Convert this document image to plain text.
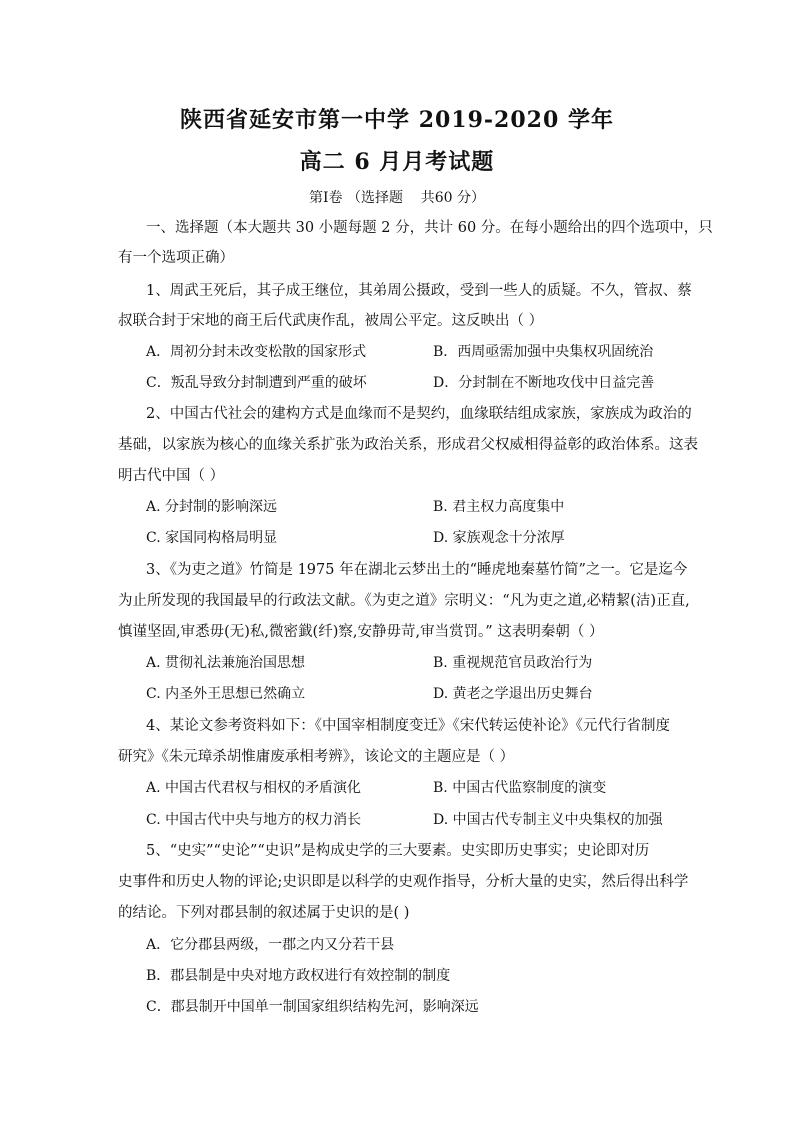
陕西省延安市第一中学 2019-2020 学年
高二 6 月月考试题
第Ⅰ卷 （选择题    共60 分）
一、选择题（本大题共 30 小题每题 2 分，共计 60 分。在每小题给出的四个选项中，只
有一个选项正确）
1、周武王死后，其子成王继位，其弟周公摄政，受到一些人的质疑。不久，管叔、蔡
叔联合封于宋地的商王后代武庚作乱，被周公平定。这反映出（ ）
A．周初分封未改变松散的国家形式	B．西周亟需加强中央集权巩固统治
C．叛乱导致分封制遭到严重的破坏	D．分封制在不断地攻伐中日益完善
2、中国古代社会的建构方式是血缘而不是契约，血缘联结组成家族，家族成为政治的
基础，以家族为核心的血缘关系扩张为政治关系，形成君父权威相得益彰的政治体系。这表
明古代中国（ ）
A. 分封制的影响深远	B. 君主权力高度集中
C. 家国同构格局明显	D. 家族观念十分浓厚
3、《为吏之道》竹简是 1975 年在湖北云梦出土的“睡虎地秦墓竹简”之一。它是迄今
为止所发现的我国最早的行政法文献。《为吏之道》宗明义：“凡为吏之道,必精絜(洁)正直,
慎谨坚固,审悉毋(无)私,微密韱(纤)察,安静毋苛,审当赏罚。” 这表明秦朝（ ）
A. 贯彻礼法兼施治国思想	B. 重视规范官员政治行为
C. 内圣外王思想已然确立	D. 黄老之学退出历史舞台
4、某论文参考资料如下：《中国宰相制度变迁》《宋代转运使补论》《元代行省制度
研究》《朱元璋杀胡惟庸废承相考辨》，该论文的主题应是（ ）
A. 中国古代君权与相权的矛盾演化	B. 中国古代监察制度的演变
C. 中国古代中央与地方的权力消长	D. 中国古代专制主义中央集权的加强
5、“史实”“史论”“史识”是构成史学的三大要素。史实即历史事实；史论即对历
史事件和历史人物的评论;史识即是以科学的史观作指导，分析大量的史实，然后得出科学
的结论。下列对郡县制的叙述属于史识的是( )
A．它分郡县两级，一郡之内又分若干县
B．郡县制是中央对地方政权进行有效控制的制度
C．郡县制开中国单一制国家组织结构先河，影响深远
